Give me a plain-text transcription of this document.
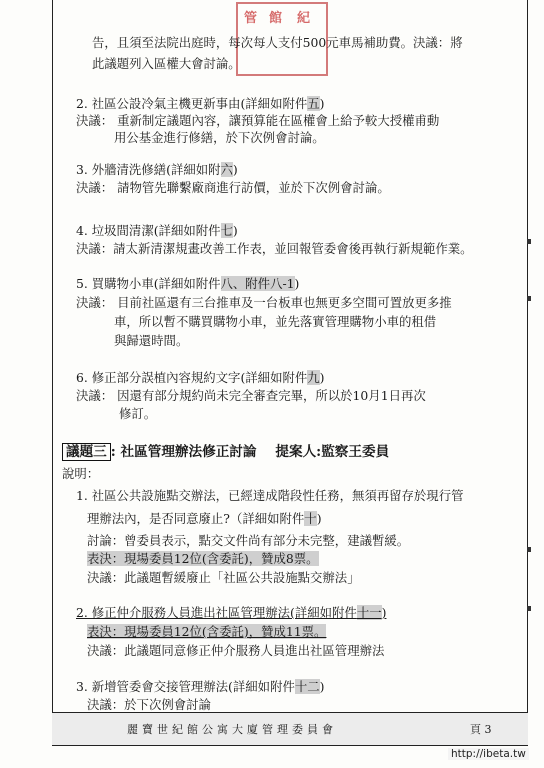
管 館 紀
告，且須至法院出庭時，每次每人支付500元車馬補助費。決議：將
此議題列入區權大會討論。
2. 社區公設冷氣主機更新事由(詳細如附件五)
決議： 重新制定議題內容，讓預算能在區權會上給予較大授權甫動
用公基金進行修繕，於下次例會討論。
3. 外牆清洗修繕(詳細如附六)
決議： 請物管先聯繫廠商進行訪價，並於下次例會討論。
4. 垃圾間清潔(詳細如附件七)
決議：請太新清潔規畫改善工作表，並回報管委會後再執行新規範作業。
5. 買購物小車(詳細如附件八、附件八-1)
決議： 目前社區還有三台推車及一台板車也無更多空間可置放更多推
車，所以暫不購買購物小車，並先落實管理購物小車的租借
與歸還時間。
6. 修正部分誤植內容規約文字(詳細如附件九)
決議： 因還有部分規約尚未完全審查完畢，所以於10月1日再次
修訂。
議題三 : 社區管理辦法修正討論 提案人:監察王委員
說明：
1. 社區公共設施點交辦法，已經達成階段性任務，無須再留存於現行管
理辦法內，是否同意廢止?（詳細如附件十)
討論：曾委員表示，點交文件尚有部分未完整，建議暫緩。
表決：現場委員12位(含委託)，贊成8票。
決議：此議題暫緩廢止「社區公共設施點交辦法」
2. 修正仲介服務人員進出社區管理辦法(詳細如附件十一)
表決：現場委員12位(含委託)，贊成11票。
決議：此議題同意修正仲介服務人員進出社區管理辦法
3. 新增管委會交接管理辦法(詳細如附件十二)
決議：於下次例會討論
麗寶世紀館公寓大廈管理委員會	頁 3
http://ibeta.tw
